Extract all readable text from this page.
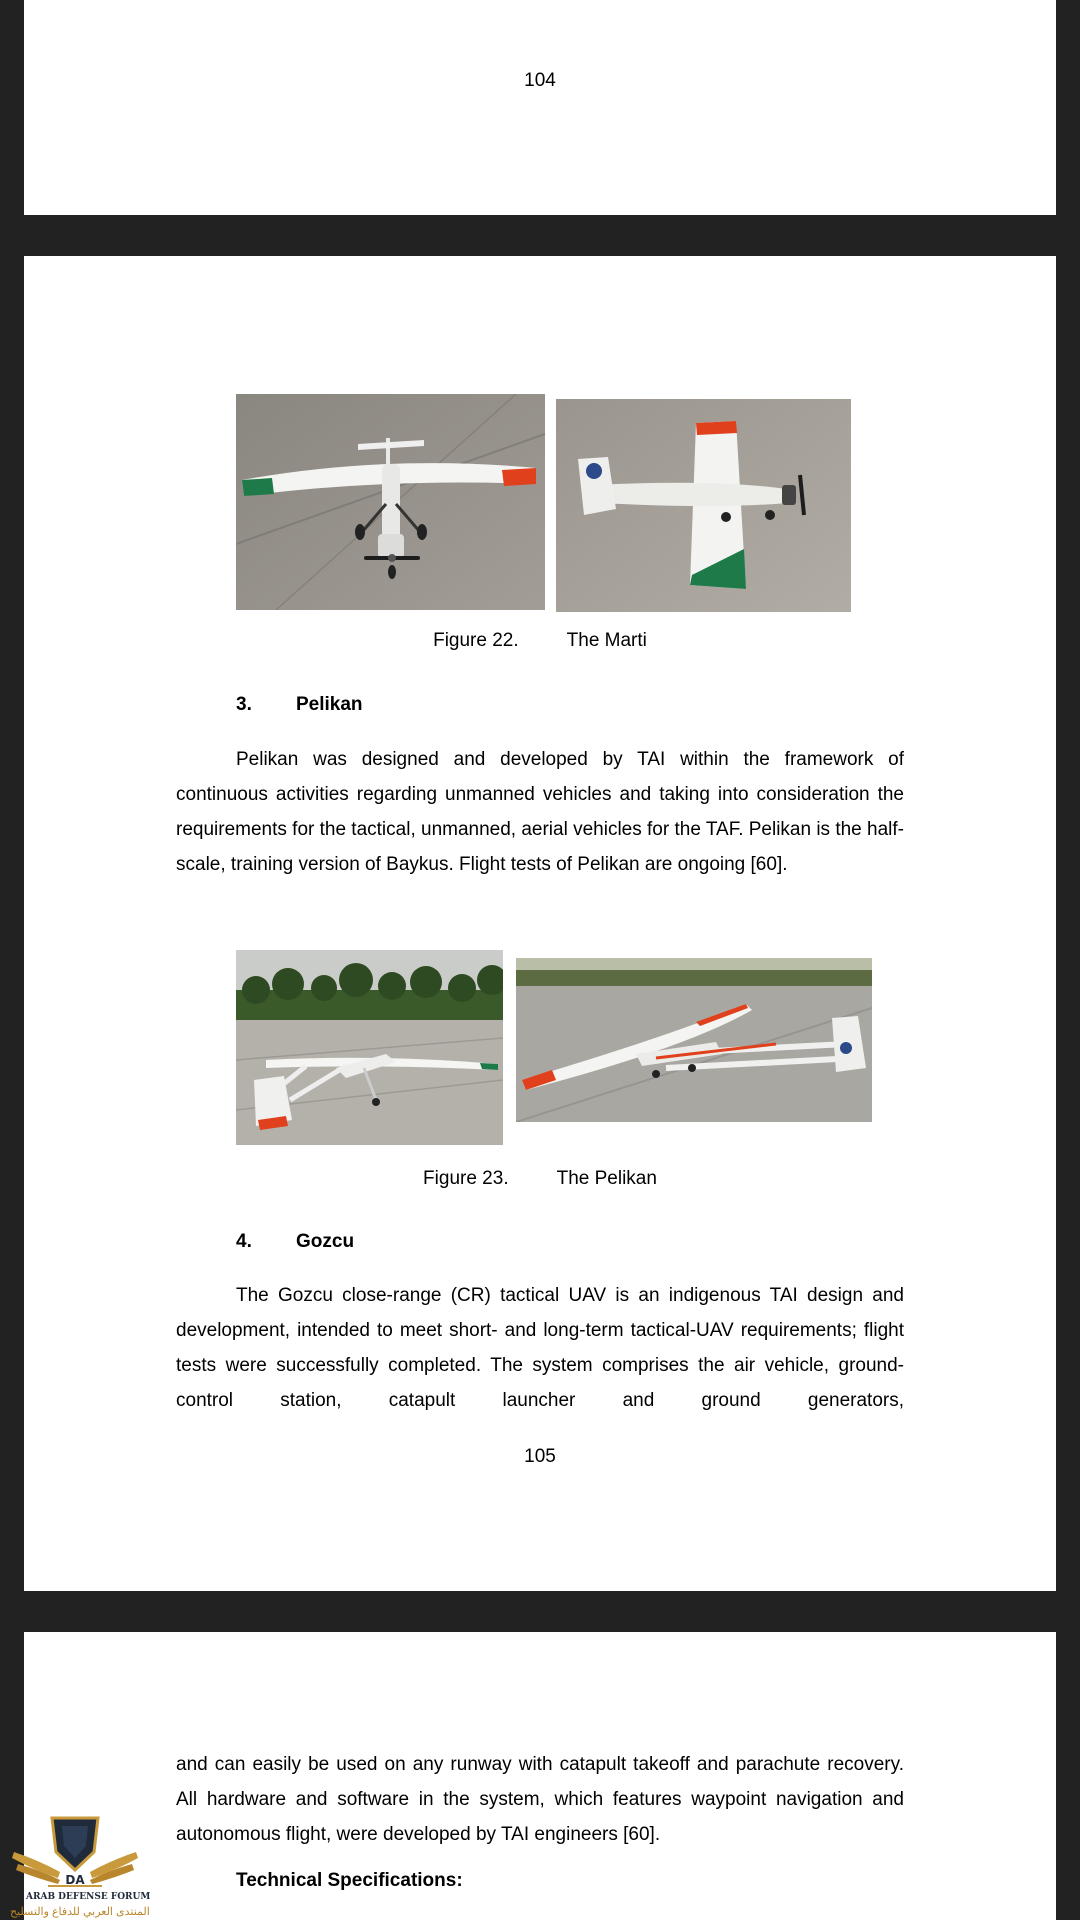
104
Figure 22.	The Marti
3. Pelikan

Pelikan was designed and developed by TAI within the framework of continuous activities regarding unmanned vehicles and taking into consideration the requirements for the tactical, unmanned, aerial vehicles for the TAF. Pelikan is the half-scale, training version of Baykus. Flight tests of Pelikan are ongoing [60].

Figure 23.	The Pelikan
4. Gozcu

The Gozcu close-range (CR) tactical UAV is an indigenous TAI design and development, intended to meet short- and long-term tactical-UAV requirements; flight tests were successfully completed. The system comprises the air vehicle, ground-control station, catapult launcher and ground generators,

105

and can easily be used on any runway with catapult takeoff and parachute recovery. All hardware and software in the system, which features waypoint navigation and autonomous flight, were developed by TAI engineers [60].

Technical Specifications:
DA
ARAB DEFENSE FORUM
المنتدى العربي للدفاع والتسليح
